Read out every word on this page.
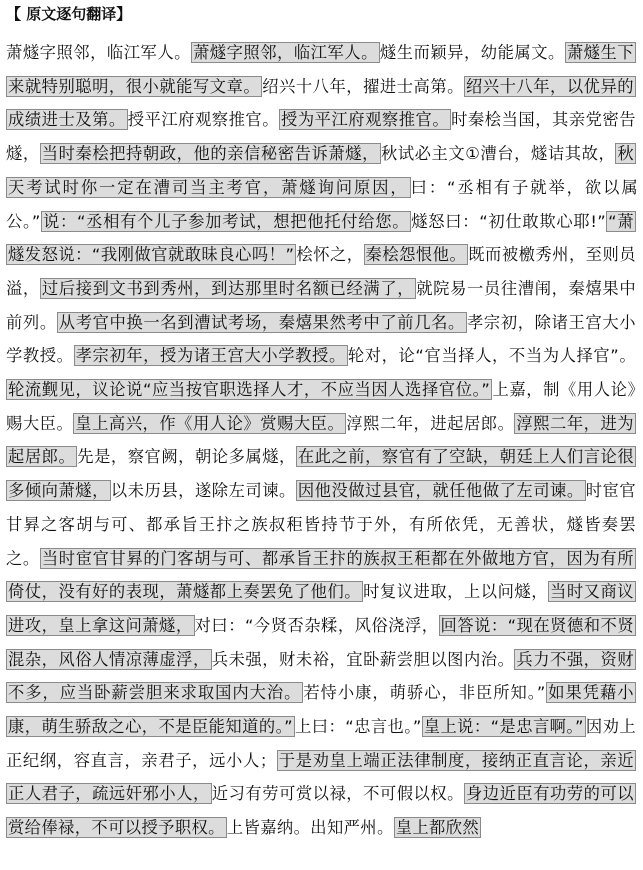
【 原文逐句翻译】
萧燧字照邻，临江军人。 萧燧字照邻，临江军人。 燧生而颖异，幼能属文。 萧燧生下来就特别聪明，很小就能写文章。 绍兴十八年，擢进士高第。 绍兴十八年，以优异的成绩进士及第。 授平江府观察推官。 授为平江府观察推官。 时秦桧当国，其亲党密告燧， 当时秦桧把持朝政，他的亲信秘密告诉萧燧， 秋试必主文①漕台，燧诘其故， 秋天考试时你一定在漕司当主考官，萧燧询问原因， 曰：“丞相有子就举，欲以属公。” 说：“丞相有个儿子参加考试，想把他托付给您。 燧怒曰：“初仕敢欺心耶!” “萧燧发怒说：“我刚做官就敢昧良心吗！” 桧怀之， 秦桧怨恨他。 既而被檄秀州，至则员溢， 过后接到文书到秀州，到达那里时名额已经满了， 就院易一员往漕闱，秦熺果中前列。 从考官中换一名到漕试考场，秦熺果然考中了前几名。 孝宗初，除诸王宫大小学教授。 孝宗初年，授为诸王宫大小学教授。 轮对，论“官当择人，不当为人择官”。轮流觐见，议论说“应当按官职选择人才，不应当因人选择官位。” 上嘉，制《用人论》赐大臣。 皇上高兴，作《用人论》赏赐大臣。 淳熙二年，进起居郎。 淳熙二年，进为起居郎。 先是，察官阙，朝论多属燧， 在此之前，察官有了空缺，朝廷上人们言论很多倾向萧燧， 以未历县，遂除左司谏。 因他没做过县官，就任他做了左司谏。 时宦官甘昪之客胡与可、都承旨王抃之族叔秬皆持节于外，有所依凭，无善状，燧皆奏罢之。 当时宦官甘昪的门客胡与可、都承旨王抃的族叔王秬都在外做地方官，因为有所倚仗，没有好的表现，萧燧都上奏罢免了他们。 时复议进取，上以问燧， 当时又商议进攻，皇上拿这问萧燧， 对曰：“今贤否杂糅，风俗浇浮， 回答说：“现在贤德和不贤混杂，风俗人情凉薄虚浮， 兵未强，财未裕，宜卧薪尝胆以图内治。 兵力不强，资财不多，应当卧薪尝胆来求取国内大治。 若恃小康，萌骄心，非臣所知。” 如果凭藉小康，萌生骄敌之心，不是臣能知道的。” 上曰：“忠言也。” 皇上说：“是忠言啊。” 因劝上正纪纲，容直言，亲君子，远小人； 于是劝皇上端正法律制度，接纳正直言论，亲近正人君子，疏远奸邪小人， 近习有劳可赏以禄，不可假以权。 身边近臣有功劳的可以赏给俸禄，不可以授予职权。 上皆嘉纳。出知严州。 皇上都欣然
